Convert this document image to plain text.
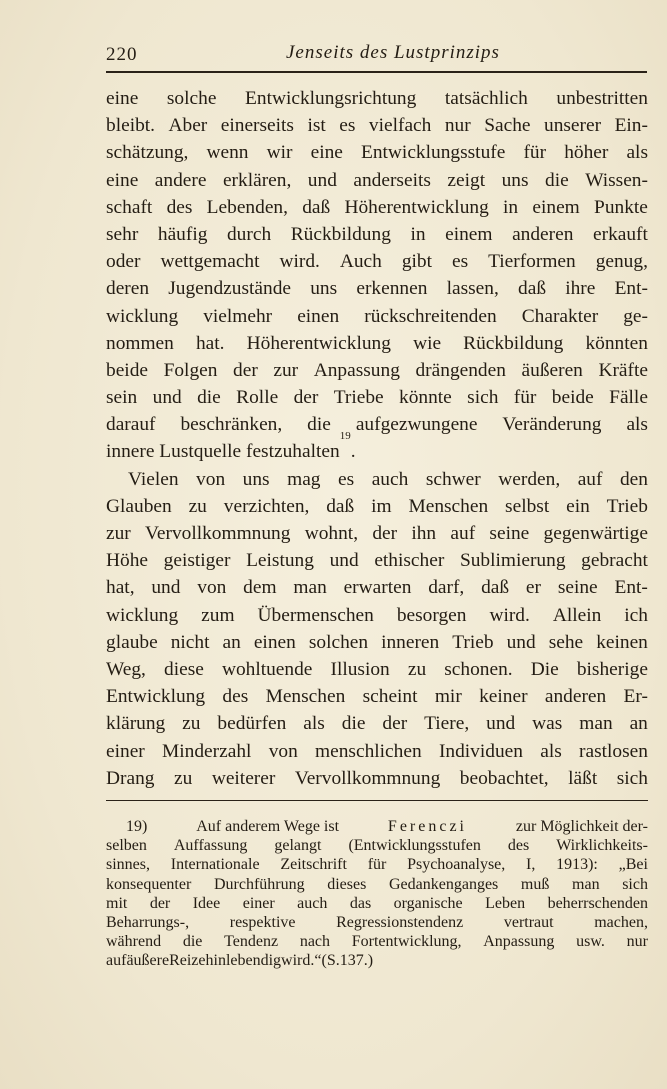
220	Jenseits des Lustprinzips
eine solche Entwicklungsrichtung tatsächlich unbestritten
bleibt. Aber einerseits ist es vielfach nur Sache unserer Ein-
schätzung, wenn wir eine Entwicklungsstufe für höher als
eine andere erklären, und anderseits zeigt uns die Wissen-
schaft des Lebenden, daß Höherentwicklung in einem Punkte
sehr häufig durch Rückbildung in einem anderen erkauft
oder wettgemacht wird. Auch gibt es Tierformen genug,
deren Jugendzustände uns erkennen lassen, daß ihre Ent-
wicklung vielmehr einen rückschreitenden Charakter ge-
nommen hat. Höherentwicklung wie Rückbildung könnten
beide Folgen der zur Anpassung drängenden äußeren Kräfte
sein und die Rolle der Triebe könnte sich für beide Fälle
darauf beschränken, die aufgezwungene Veränderung als
innere Lustquelle festzuhalten
$^{19}$
.
Vielen von uns mag es auch schwer werden, auf den
Glauben zu verzichten, daß im Menschen selbst ein Trieb
zur Vervollkommnung wohnt, der ihn auf seine gegenwärtige
Höhe geistiger Leistung und ethischer Sublimierung gebracht
hat, und von dem man erwarten darf, daß er seine Ent-
wicklung zum Übermenschen besorgen wird. Allein ich
glaube nicht an einen solchen inneren Trieb und sehe keinen
Weg, diese wohltuende Illusion zu schonen. Die bisherige
Entwicklung des Menschen scheint mir keiner anderen Er-
klärung zu bedürfen als die der Tiere, und was man an
einer Minderzahl von menschlichen Individuen als rastlosen
Drang zu weiterer Vervollkommnung beobachtet, läßt sich
19)	Auf anderem Wege ist	Ferenczi	zur Möglichkeit der-
selben Auffassung gelangt (Entwicklungsstufen des Wirklichkeits-
sinnes, Internationale Zeitschrift für Psychoanalyse, I, 1913): „Bei
konsequenter Durchführung dieses Gedankenganges muß man sich
mit der Idee einer auch das organische Leben beherrschenden
Beharrungs-,	respektive	Regressionstendenz	vertraut	machen,
während die Tendenz nach Fortentwicklung, Anpassung usw. nur
auf äußere Reize hin lebendig wird.“ (S. 137.)
